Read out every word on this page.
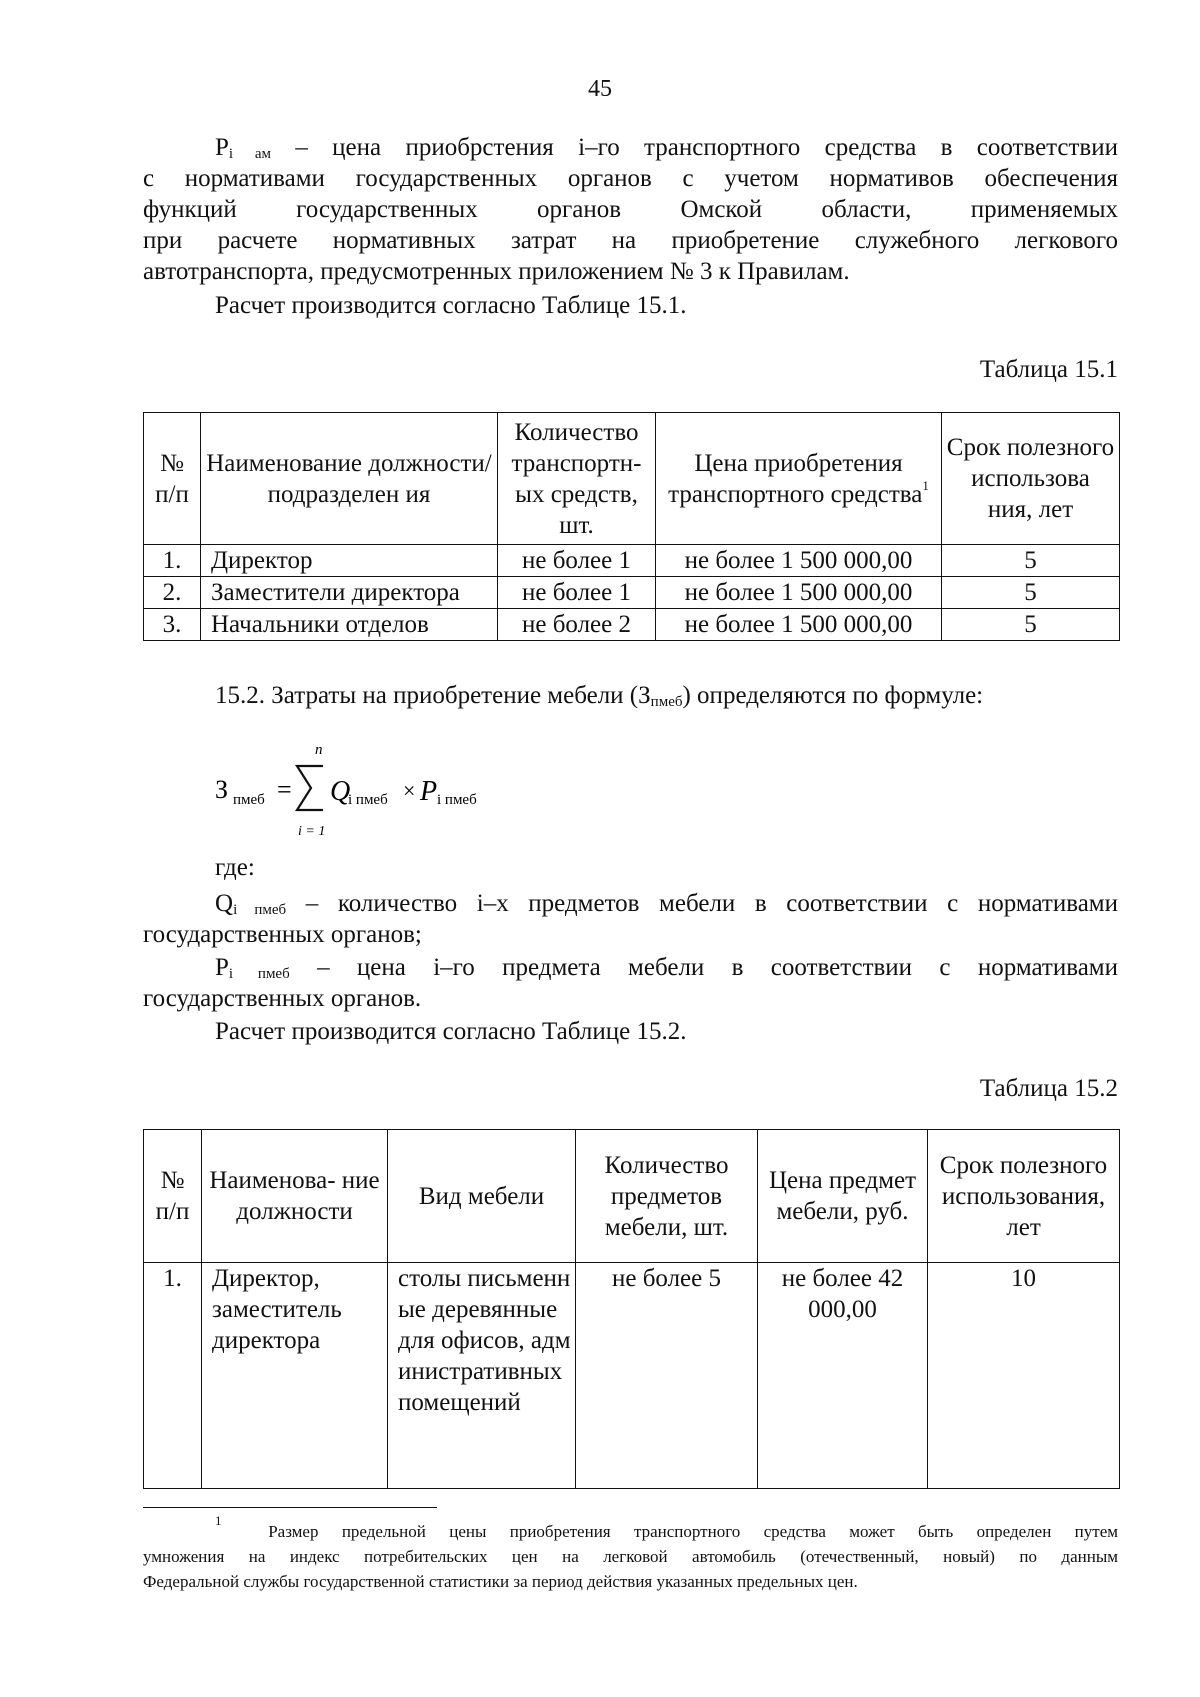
45
$P_{i ам}$ – цена приобрстения i–го транспортного средства в соответствии
с нормативами государственных органов с учетом нормативов обеспечения
функций государственных органов Омской области, применяемых
при расчете нормативных затрат на приобретение служебного легкового
автотранспорта, предусмотренных приложением № 3 к Правилам.
Расчет производится согласно Таблице 15.1.
Таблица 15.1
№ п/п	Наименование должности/подразделен ия	Количество транспортн- ых средств, шт.	Цена приобретения транспортного средства$^1$	Срок полезного использова ния, лет
1.	Директор	не более 1	не более 1 500 000,00	5
2.	Заместители директора	не более 1	не более 1 500 000,00	5
3.	Начальники отделов	не более 2	не более 1 500 000,00	5
15.2. Затраты на приобретение мебели $(З_{пмеб})$ определяются по формуле:
З пмеб =
n
i = 1
Q
i пмеб × P i пмеб
где:
$Q_{i пмеб}$ – количество i–х предметов мебели в соответствии с нормативами
государственных органов;
$P_{i пмеб}$ – цена i–го предмета мебели в соответствии с нормативами
государственных органов.
Расчет производится согласно Таблице 15.2.
Таблица 15.2
№ п/п	Наименова- ние должности	Вид мебели	Количество предметов мебели, шт.	Цена предмет мебели, руб.	Срок полезного использования, лет
1.	Директор, заместитель директора	столы письменные деревянные для офисов, административных помещений	не более 5	не более 42 000,00	10
$^1$  Размер предельной цены приобретения транспортного средства может быть определен путем
умножения на индекс потребительских цен на легковой автомобиль (отечественный, новый) по данным
Федеральной службы государственной статистики за период действия указанных предельных цен.
